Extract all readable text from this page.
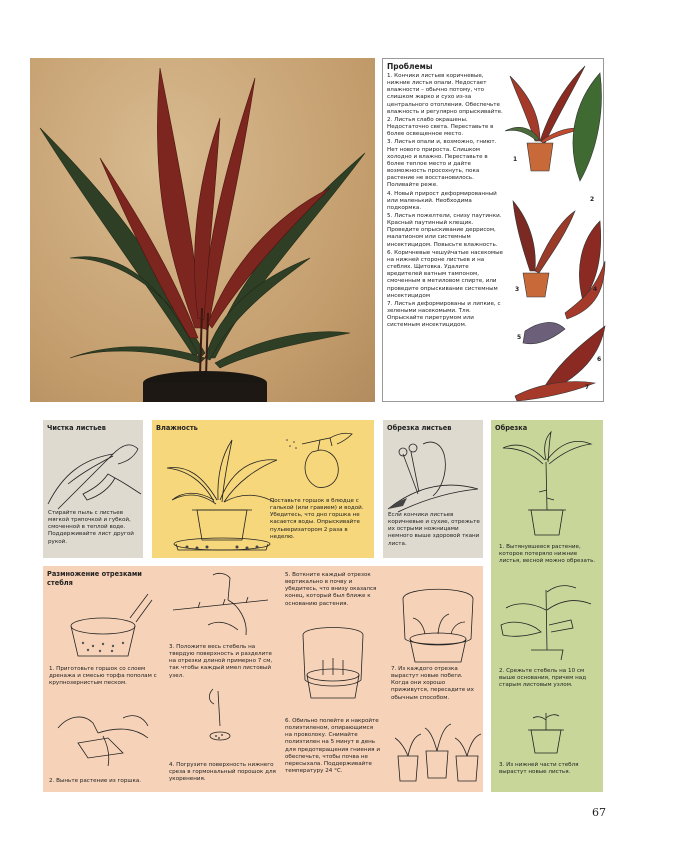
Проблемы
1. Кончики листьев коричневые, нижние листья опали. Недостает влажности – обычно потому, что слишком жарко и сухо из-за центрального отопления. Обеспечьте влажность и регулярно опрыскивайте.
2. Листья слабо окрашены. Недостаточно света. Переставьте в более освещенное место.
3. Листья опали и, возможно, гниют. Нет нового прироста. Слишком холодно и влажно. Переставьте в более теплое место и дайте возможность просохнуть, пока растение не восстановилось. Поливайте реже.
4. Новый прирост деформированный или маленький. Необходима подкормка.
5. Листья пожелтели, снизу паутинки. Красный паутинный клещик. Проведите опрыскивание деррисом, малатионом или системным инсектицидом. Повысьте влажность.
6. Коричневые чешуйчатые насекомые на нижней стороне листьев и на стеблях. Щитовка. Удалите вредителей ватным тампоном, смоченным в метиловом спирте, или проведите опрыскивание системным инсектицидом
7. Листья деформированы и липкие, с зелеными насекомыми. Тля. Опрыскайте пиретрумом или системным инсектицидом.
1
2
3	4
5
6
7
Чистка листьев
Стирайте пыль с листьев мягкой тряпочкой и губкой, смоченной в теплой воде. Поддерживайте лист другой рукой.
Влажность
Поставьте горшок в блюдце с галькой (или гравием) и водой. Убедитесь, что дно горшка не касается воды. Опрыскивайте пульверизатором 2 раза в неделю.
Обрезка листьев
Если кончики листьев коричневые и сухие, отрежьте их острыми ножницами немного выше здоровой ткани листа.
Обрезка
1. Вытянувшееся растение, которое потеряло нижние листья, весной можно обрезать.
2. Срежьте стебель на 10 см выше основания, причем над старым листовым узлом.
3. Из нижней части стебля вырастут новые листья.
Размножение отрезками стебля
1. Приготовьте горшок со слоем дренажа и смесью торфа пополам с крупнозернистым песком.
2. Выньте растение из горшка.
3. Положите весь стебель на твердую поверхность и разделите на отрезки длиной примерно 7 см, так чтобы каждый имел листовый узел.
4. Погрузите поверхность нижнего среза в гормональный порошок для укоренения.
5. Воткните каждый отрезок вертикально в почву и убедитесь, что внизу оказался конец, который был ближе к основанию растения.
6. Обильно полейте и накройте полиэтиленом, опирающимся на проволоку. Снимайте полиэтилен на 5 минут в день для предотвращения гниения и обеспечьте, чтобы почва не пересыхала. Поддерживайте температуру 24 °С.
7. Из каждого отрезка вырастут новые побеги. Когда они хорошо приживутся, пересадите их обычным способом.
67
